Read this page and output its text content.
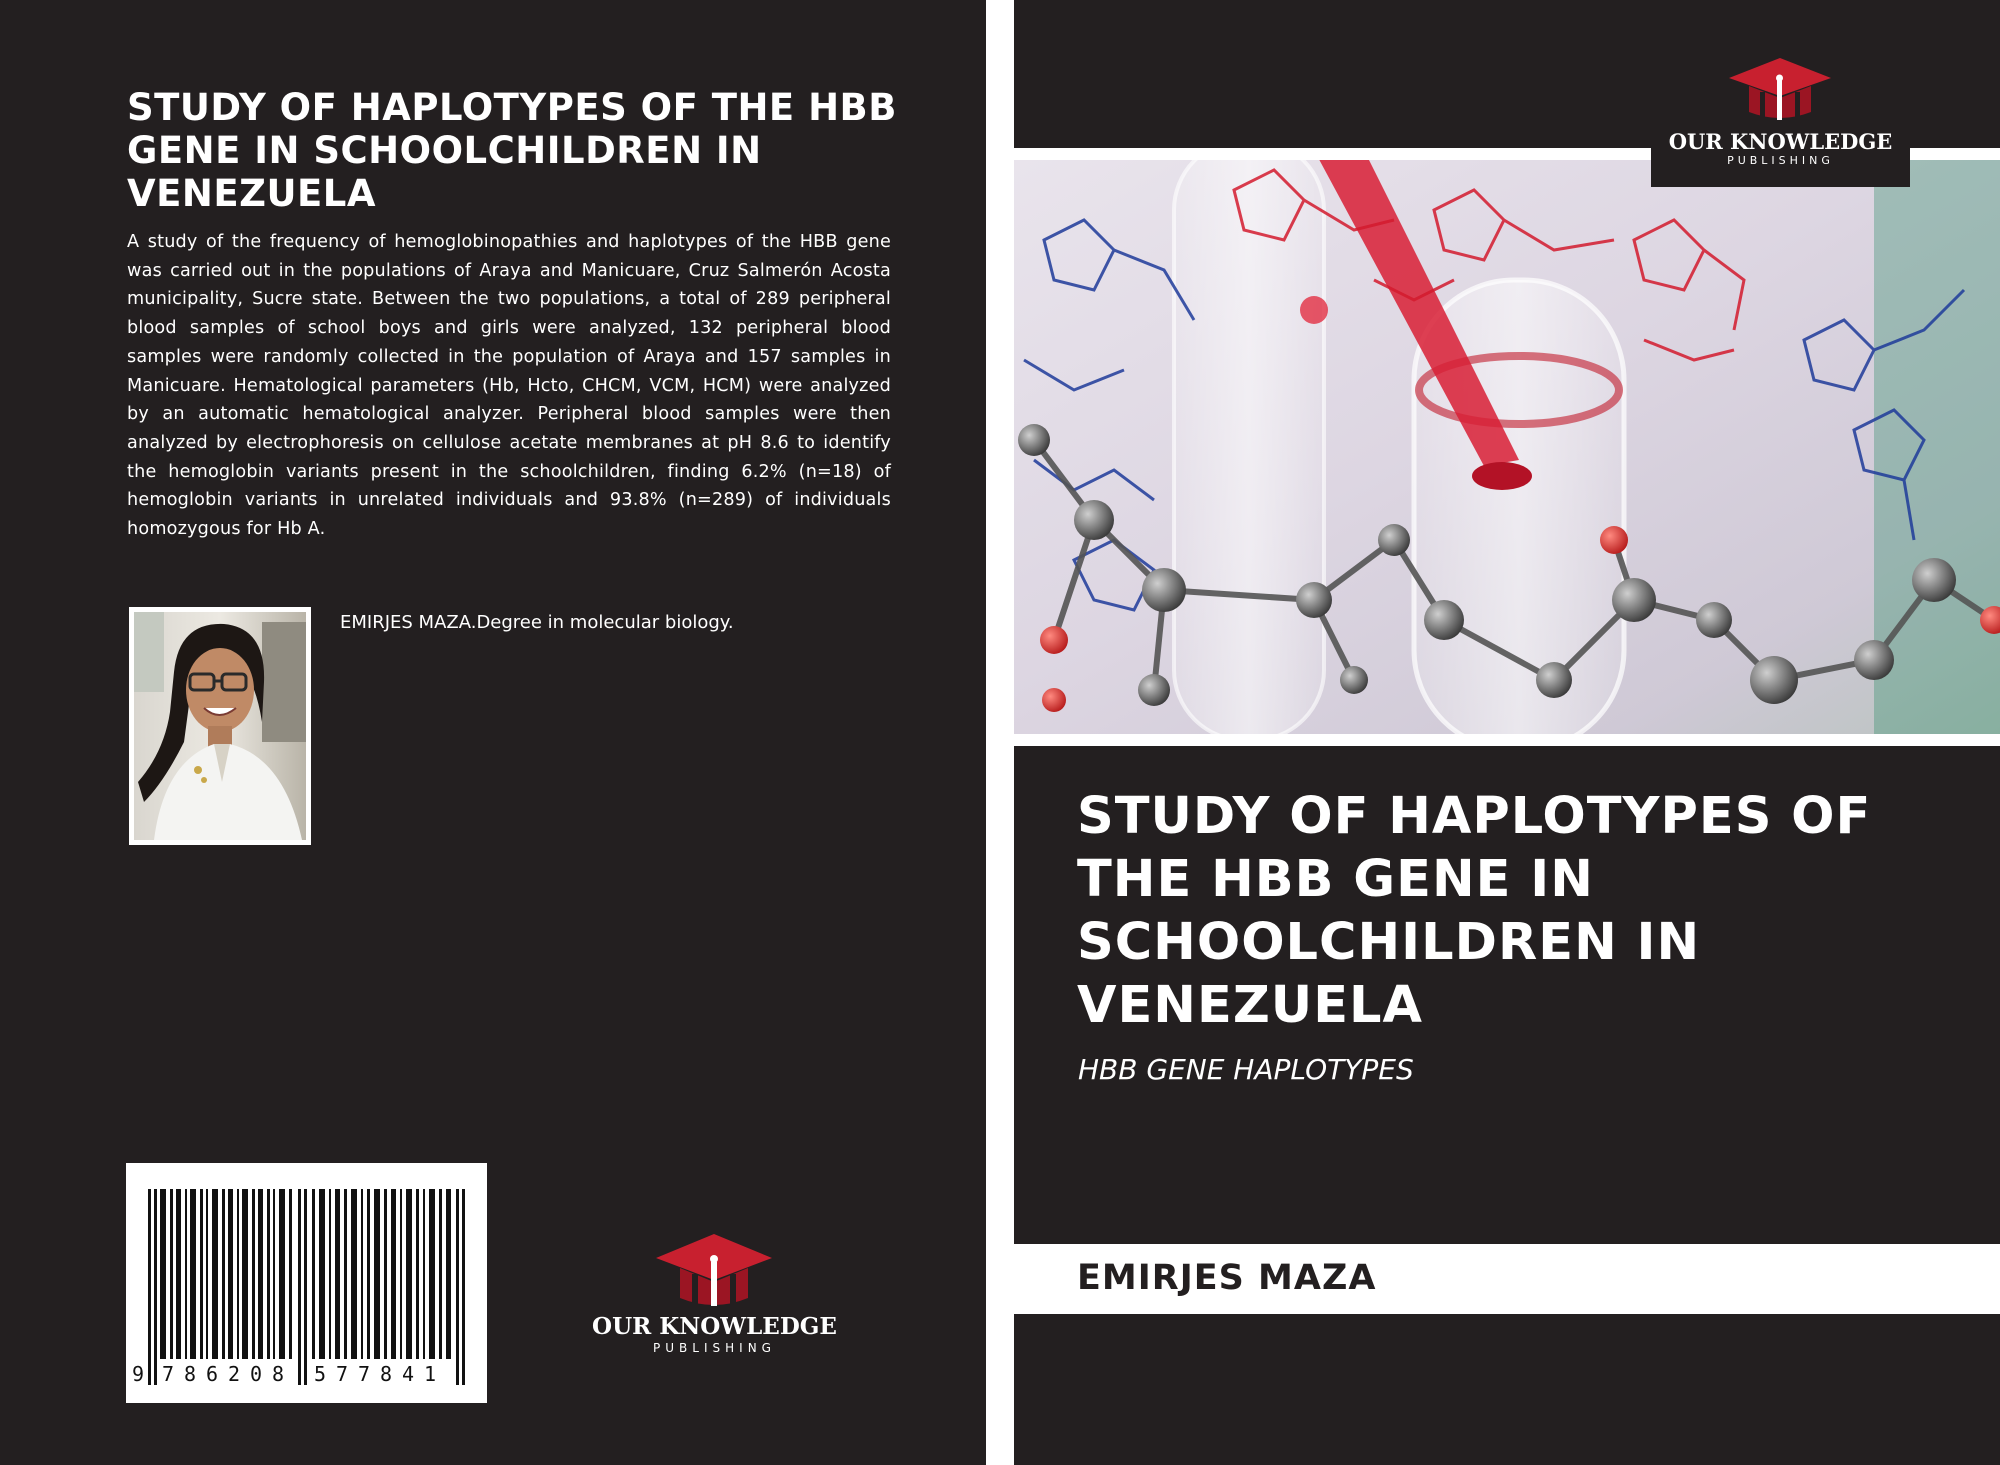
STUDY OF HAPLOTYPES OF THE HBB GENE IN SCHOOLCHILDREN IN VENEZUELA

A study of the frequency of hemoglobinopathies and haplotypes of the HBB gene was carried out in the populations of Araya and Manicuare, Cruz Salmerón Acosta municipality, Sucre state. Between the two populations, a total of 289 peripheral blood samples of school boys and girls were analyzed, 132 peripheral blood samples were randomly collected in the population of Araya and 157 samples in Manicuare. Hematological parameters (Hb, Hcto, CHCM, VCM, HCM) were analyzed by an automatic hematological analyzer. Peripheral blood samples were then analyzed by electrophoresis on cellulose acetate membranes at pH 8.6 to identify the hemoglobin variants present in the schoolchildren, finding 6.2% (n=18) of hemoglobin variants in unrelated individuals and 93.8% (n=289) of individuals homozygous for Hb A.

EMIRJES MAZA.Degree in molecular biology.

9 7 8 6 2 0 8 5 7 7 8 4 1
OUR KNOWLEDGE
PUBLISHING
OUR KNOWLEDGE
PUBLISHING
STUDY OF HAPLOTYPES OF THE HBB GENE IN SCHOOLCHILDREN IN VENEZUELA

HBB GENE HAPLOTYPES

EMIRJES MAZA
